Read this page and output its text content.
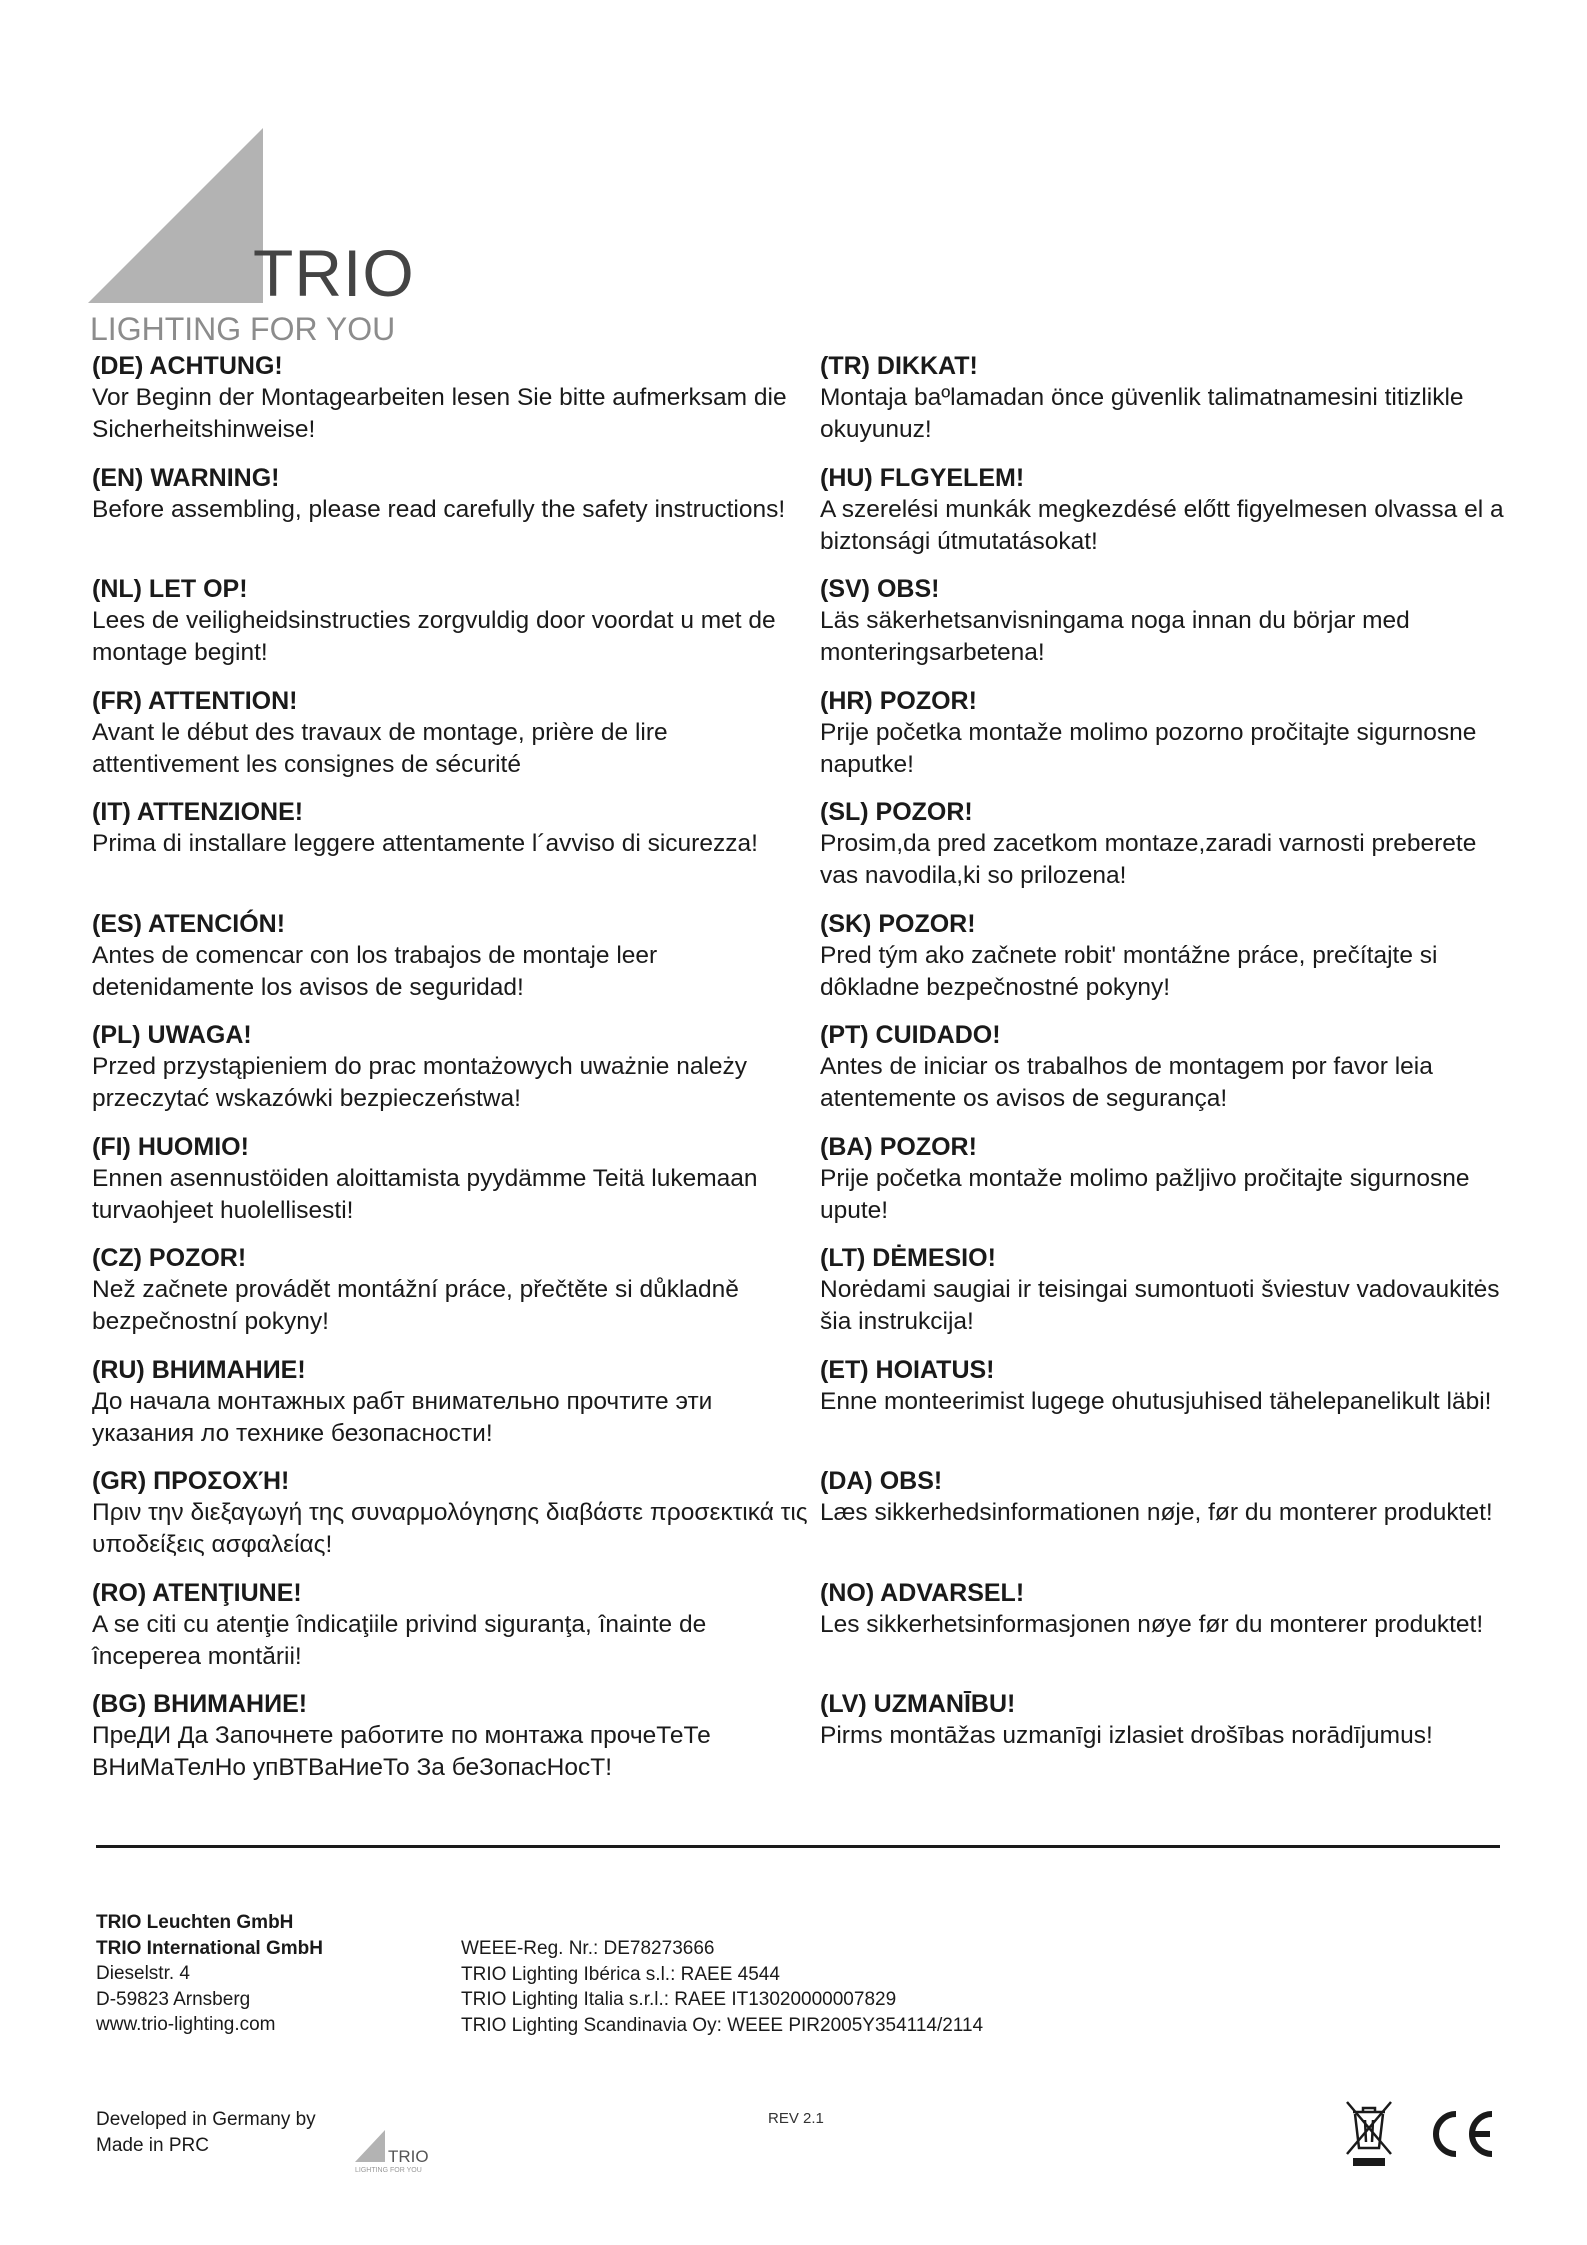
TRIO
LIGHTING FOR YOU
(DE) ACHTUNG!

Vor Beginn der Montagearbeiten lesen Sie bitte aufmerksam die Sicherheitshinweise!

(EN) WARNING!

Before assembling, please read carefully the safety instructions!

(NL) LET OP!

Lees de veiligheidsinstructies zorgvuldig door voordat u met de montage begint!

(FR) ATTENTION!

Avant le début des travaux de montage, prière de lire attentivement les consignes de sécurité

(IT) ATTENZIONE!

Prima di installare leggere attentamente l´avviso di sicurezza!

(ES) ATENCIÓN!

Antes de comencar con los trabajos de montaje leer detenidamente los avisos de seguridad!

(PL) UWAGA!

Przed przystąpieniem do prac montażowych uważnie należy przeczytać wskazówki bezpieczeństwa!

(FI) HUOMIO!

Ennen asennustöiden aloittamista pyydämme Teitä lukemaan turvaohjeet huolellisesti!

(CZ) POZOR!

Než začnete provádět montážní práce, přečtěte si důkladně bezpečnostní pokyny!

(RU) ВНИМАНИЕ!

До начала монтажных рабт внимательно прочтите эти указания ло технике безопасности!

(GR) ΠΡΟΣΟΧΉ!

Πριν την διεξαγωγή της συναρμολόγησης διαβάστε προσεκτικά τις υποδείξεις ασφαλείας!

(RO) ATENŢIUNE!

A se citi cu atenţie îndicaţiile privind siguranţa, înainte de începerea montării!

(BG) ВНИМАНИЕ!

ПреДИ Да Започнете работите по монтажа прочеТеТе ВНиМаТелНо упВТВаНиеТо За беЗопасНосТ!

(TR) DIKKAT!

Montaja baºlamadan önce güvenlik talimatnamesini titizlikle okuyunuz!

(HU) FLGYELEM!

A szerelési munkák megkezdésé előtt figyelmesen olvassa el a biztonsági útmutatásokat!

(SV) OBS!

Läs säkerhetsanvisningama noga innan du börjar med monteringsarbetena!

(HR) POZOR!

Prije početka montaže molimo pozorno pročitajte sigurnosne naputke!

(SL) POZOR!

Prosim,da pred zacetkom montaze,zaradi varnosti preberete vas navodila,ki so prilozena!

(SK) POZOR!

Pred tým ako začnete robit' montážne práce, prečítajte si dôkladne bezpečnostné pokyny!

(PT) CUIDADO!

Antes de iniciar os trabalhos de montagem por favor leia atentemente os avisos de segurança!

(BA) POZOR!

Prije početka montaže molimo pažljivo pročitajte sigurnosne upute!

(LT) DĖMESIO!

Norėdami saugiai ir teisingai sumontuoti šviestuv vadovaukitės šia instrukcija!

(ET) HOIATUS!

Enne monteerimist lugege ohutusjuhised tähelepanelikult läbi!

(DA) OBS!

Læs sikkerhedsinformationen nøje, før du monterer produktet!

(NO) ADVARSEL!

Les sikkerhetsinformasjonen nøye før du monterer produktet!

(LV) UZMANĪBU!

Pirms montāžas uzmanīgi izlasiet drošības norādījumus!

TRIO Leuchten GmbH
TRIO International GmbH
Dieselstr. 4
D-59823 Arnsberg
www.trio-lighting.com
WEEE-Reg. Nr.: DE78273666
TRIO Lighting Ibérica s.l.: RAEE 4544
TRIO Lighting Italia s.r.l.: RAEE IT13020000007829
TRIO Lighting Scandinavia Oy: WEEE PIR2005Y354114/2114
Developed in Germany by
Made in PRC
TRIO
LIGHTING FOR YOU
REV 2.1
